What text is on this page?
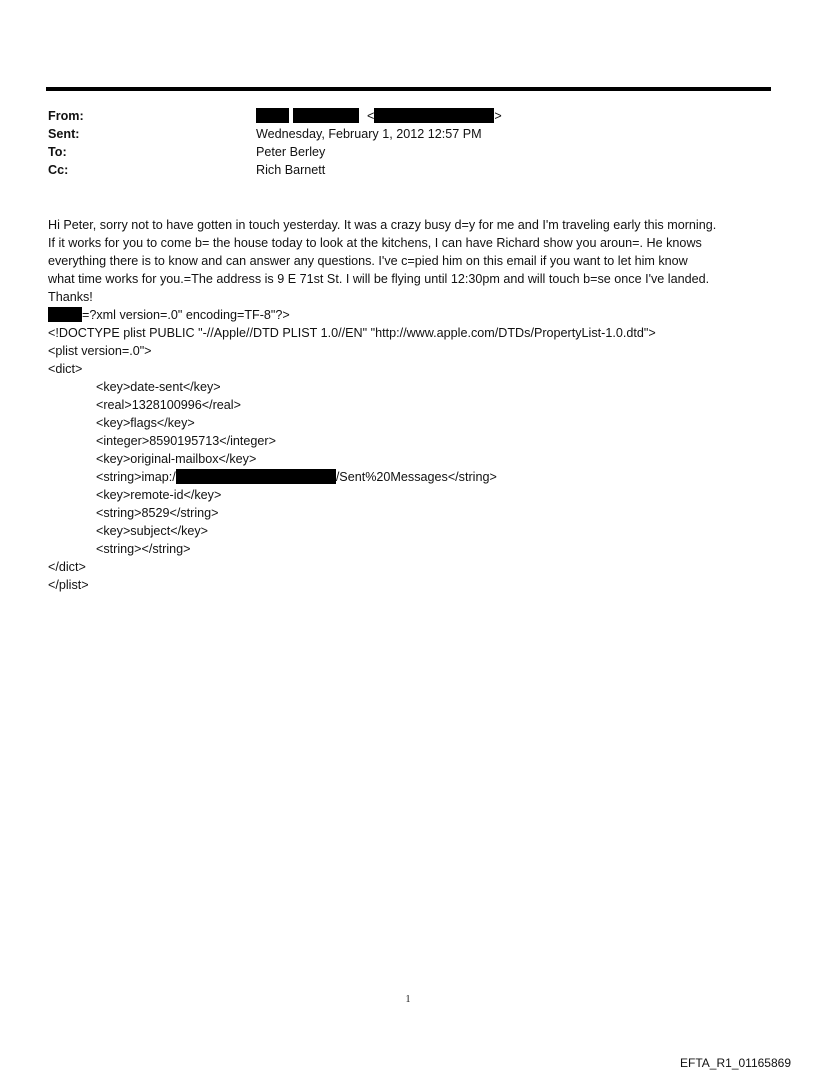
From:	<	>
Sent:	Wednesday, February 1, 2012 12:57 PM
To:	Peter Berley
Cc:	Rich Barnett

Hi Peter, sorry not to have gotten in touch yesterday. It was a crazy busy d=y for me and I'm traveling early this morning.

If it works for you to come b= the house today to look at the kitchens, I can have Richard show you aroun=. He knows

everything there is to know and can answer any questions. I've c=pied him on this email if you want to let him know

what time works for you.=The address is 9 E 71st St. I will be flying until 12:30pm and will touch b=se once I've landed.

Thanks!

=?xml version=.0" encoding=TF-8"?>

<!DOCTYPE plist PUBLIC "-//Apple//DTD PLIST 1.0//EN" "http://www.apple.com/DTDs/PropertyList-1.0.dtd">

<plist version=.0">

<dict>

<key>date-sent</key>

<real>1328100996</real>

<key>flags</key>

<integer>8590195713</integer>

<key>original-mailbox</key>

<string>imap:/	/Sent%20Messages</string>

<key>remote-id</key>

<string>8529</string>

<key>subject</key>

<string></string>

</dict>

</plist>

1
EFTA_R1_01165869
